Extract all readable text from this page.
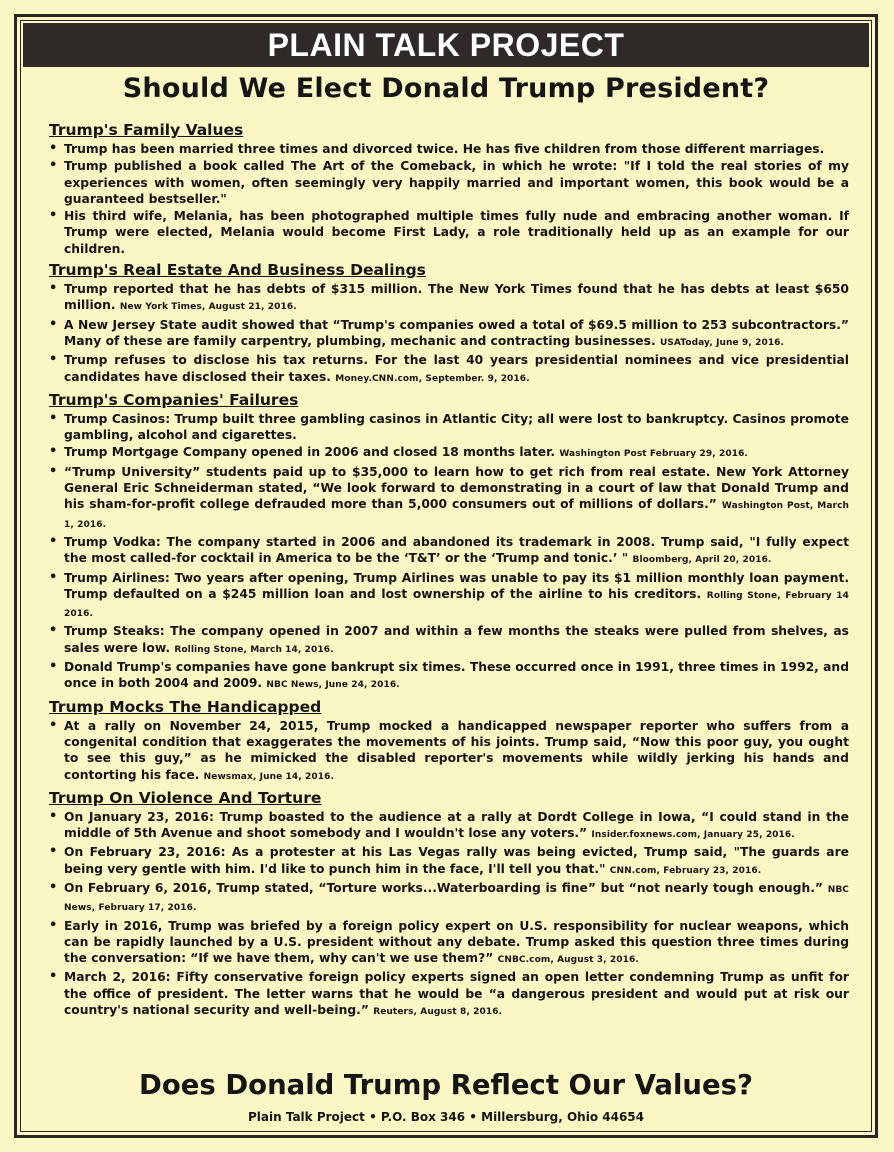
PLAIN TALK PROJECT
Should We Elect Donald Trump President?
Trump's Family Values
• Trump has been married three times and divorced twice. He has five children from those different marriages.
• Trump published a book called The Art of the Comeback, in which he wrote: "If I told the real stories of my experiences with women, often seemingly very happily married and important women, this book would be a guaranteed bestseller."
• His third wife, Melania, has been photographed multiple times fully nude and embracing another woman. If Trump were elected, Melania would become First Lady, a role traditionally held up as an example for our children.
Trump's Real Estate And Business Dealings
• Trump reported that he has debts of $315 million. The New York Times found that he has debts at least $650 million. New York Times, August 21, 2016.
• A New Jersey State audit showed that “Trump's companies owed a total of $69.5 million to 253 subcontractors.” Many of these are family carpentry, plumbing, mechanic and contracting businesses. USAToday, June 9, 2016.
• Trump refuses to disclose his tax returns. For the last 40 years presidential nominees and vice presidential candidates have disclosed their taxes. Money.CNN.com, September. 9, 2016.
Trump's Companies' Failures
• Trump Casinos: Trump built three gambling casinos in Atlantic City; all were lost to bankruptcy. Casinos promote gambling, alcohol and cigarettes.
• Trump Mortgage Company opened in 2006 and closed 18 months later. Washington Post February 29, 2016.
• “Trump University” students paid up to $35,000 to learn how to get rich from real estate. New York Attorney General Eric Schneiderman stated, “We look forward to demonstrating in a court of law that Donald Trump and his sham-for-profit college defrauded more than 5,000 consumers out of millions of dollars.” Washington Post, March 1, 2016.
• Trump Vodka: The company started in 2006 and abandoned its trademark in 2008. Trump said, "I fully expect the most called-for cocktail in America to be the ‘T&T’ or the ‘Trump and tonic.’ " Bloomberg, April 20, 2016.
• Trump Airlines: Two years after opening, Trump Airlines was unable to pay its $1 million monthly loan payment. Trump defaulted on a $245 million loan and lost ownership of the airline to his creditors. Rolling Stone, February 14 2016.
• Trump Steaks: The company opened in 2007 and within a few months the steaks were pulled from shelves, as sales were low. Rolling Stone, March 14, 2016.
• Donald Trump's companies have gone bankrupt six times. These occurred once in 1991, three times in 1992, and once in both 2004 and 2009. NBC News, June 24, 2016.
Trump Mocks The Handicapped
• At a rally on November 24, 2015, Trump mocked a handicapped newspaper reporter who suffers from a congenital condition that exaggerates the movements of his joints. Trump said, “Now this poor guy, you ought to see this guy,” as he mimicked the disabled reporter's movements while wildly jerking his hands and contorting his face. Newsmax, June 14, 2016.
Trump On Violence And Torture
• On January 23, 2016: Trump boasted to the audience at a rally at Dordt College in Iowa, “I could stand in the middle of 5th Avenue and shoot somebody and I wouldn't lose any voters.” Insider.foxnews.com, January 25, 2016.
• On February 23, 2016: As a protester at his Las Vegas rally was being evicted, Trump said, "The guards are being very gentle with him. I'd like to punch him in the face, I'll tell you that." CNN.com, February 23, 2016.
• On February 6, 2016, Trump stated, “Torture works...Waterboarding is fine” but “not nearly tough enough.” NBC News, February 17, 2016.
• Early in 2016, Trump was briefed by a foreign policy expert on U.S. responsibility for nuclear weapons, which can be rapidly launched by a U.S. president without any debate. Trump asked this question three times during the conversation: “If we have them, why can't we use them?” CNBC.com, August 3, 2016.
• March 2, 2016: Fifty conservative foreign policy experts signed an open letter condemning Trump as unfit for the office of president. The letter warns that he would be “a dangerous president and would put at risk our country's national security and well-being.” Reuters, August 8, 2016.
Does Donald Trump Reflect Our Values?
Plain Talk Project • P.O. Box 346 • Millersburg, Ohio 44654
